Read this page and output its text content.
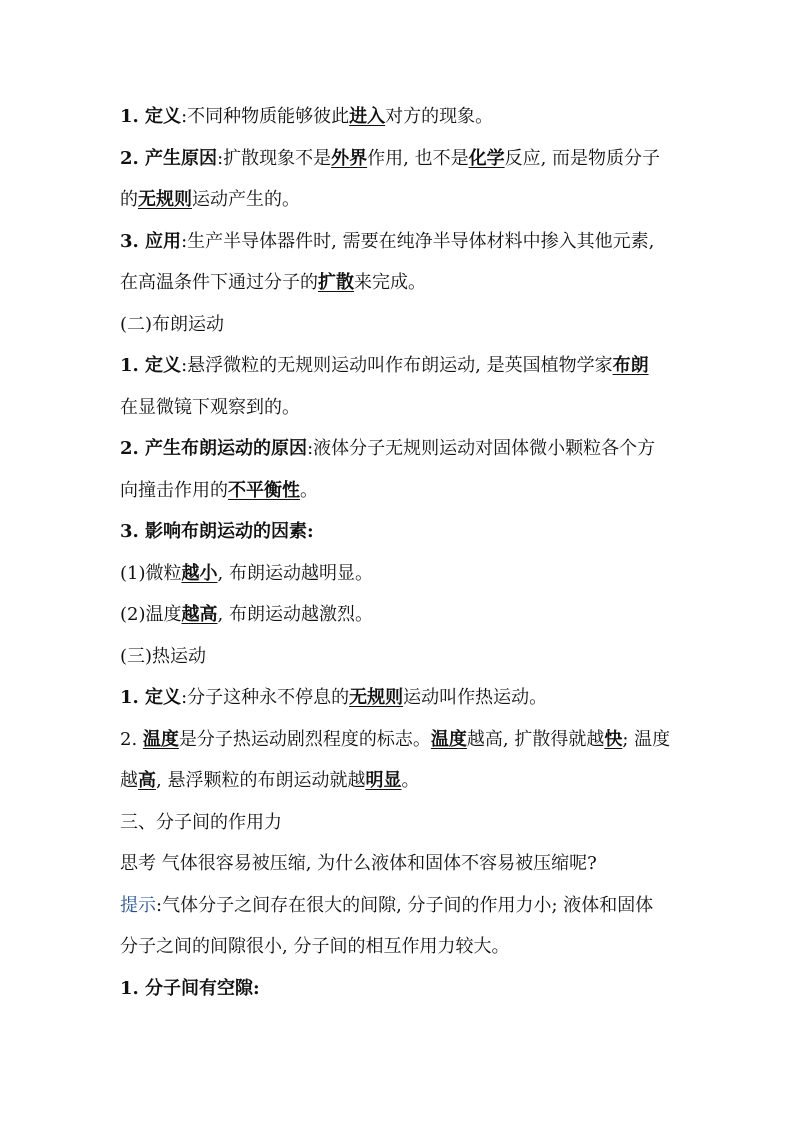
1. 定义:不同种物质能够彼此进入对方的现象。
2. 产生原因:扩散现象不是外界作用, 也不是化学反应, 而是物质分子
的无规则运动产生的。
3. 应用:生产半导体器件时, 需要在纯净半导体材料中掺入其他元素,
在高温条件下通过分子的扩散来完成。
(二)布朗运动
1. 定义:悬浮微粒的无规则运动叫作布朗运动, 是英国植物学家布朗
在显微镜下观察到的。
2. 产生布朗运动的原因:液体分子无规则运动对固体微小颗粒各个方
向撞击作用的不平衡性。
3. 影响布朗运动的因素:
(1)微粒越小, 布朗运动越明显。
(2)温度越高, 布朗运动越激烈。
(三)热运动
1. 定义:分子这种永不停息的无规则运动叫作热运动。
2. 温度是分子热运动剧烈程度的标志。温度越高, 扩散得就越快; 温度
越高, 悬浮颗粒的布朗运动就越明显。
三、分子间的作用力
思考 气体很容易被压缩, 为什么液体和固体不容易被压缩呢?
提示:气体分子之间存在很大的间隙, 分子间的作用力小; 液体和固体
分子之间的间隙很小, 分子间的相互作用力较大。
1. 分子间有空隙:
